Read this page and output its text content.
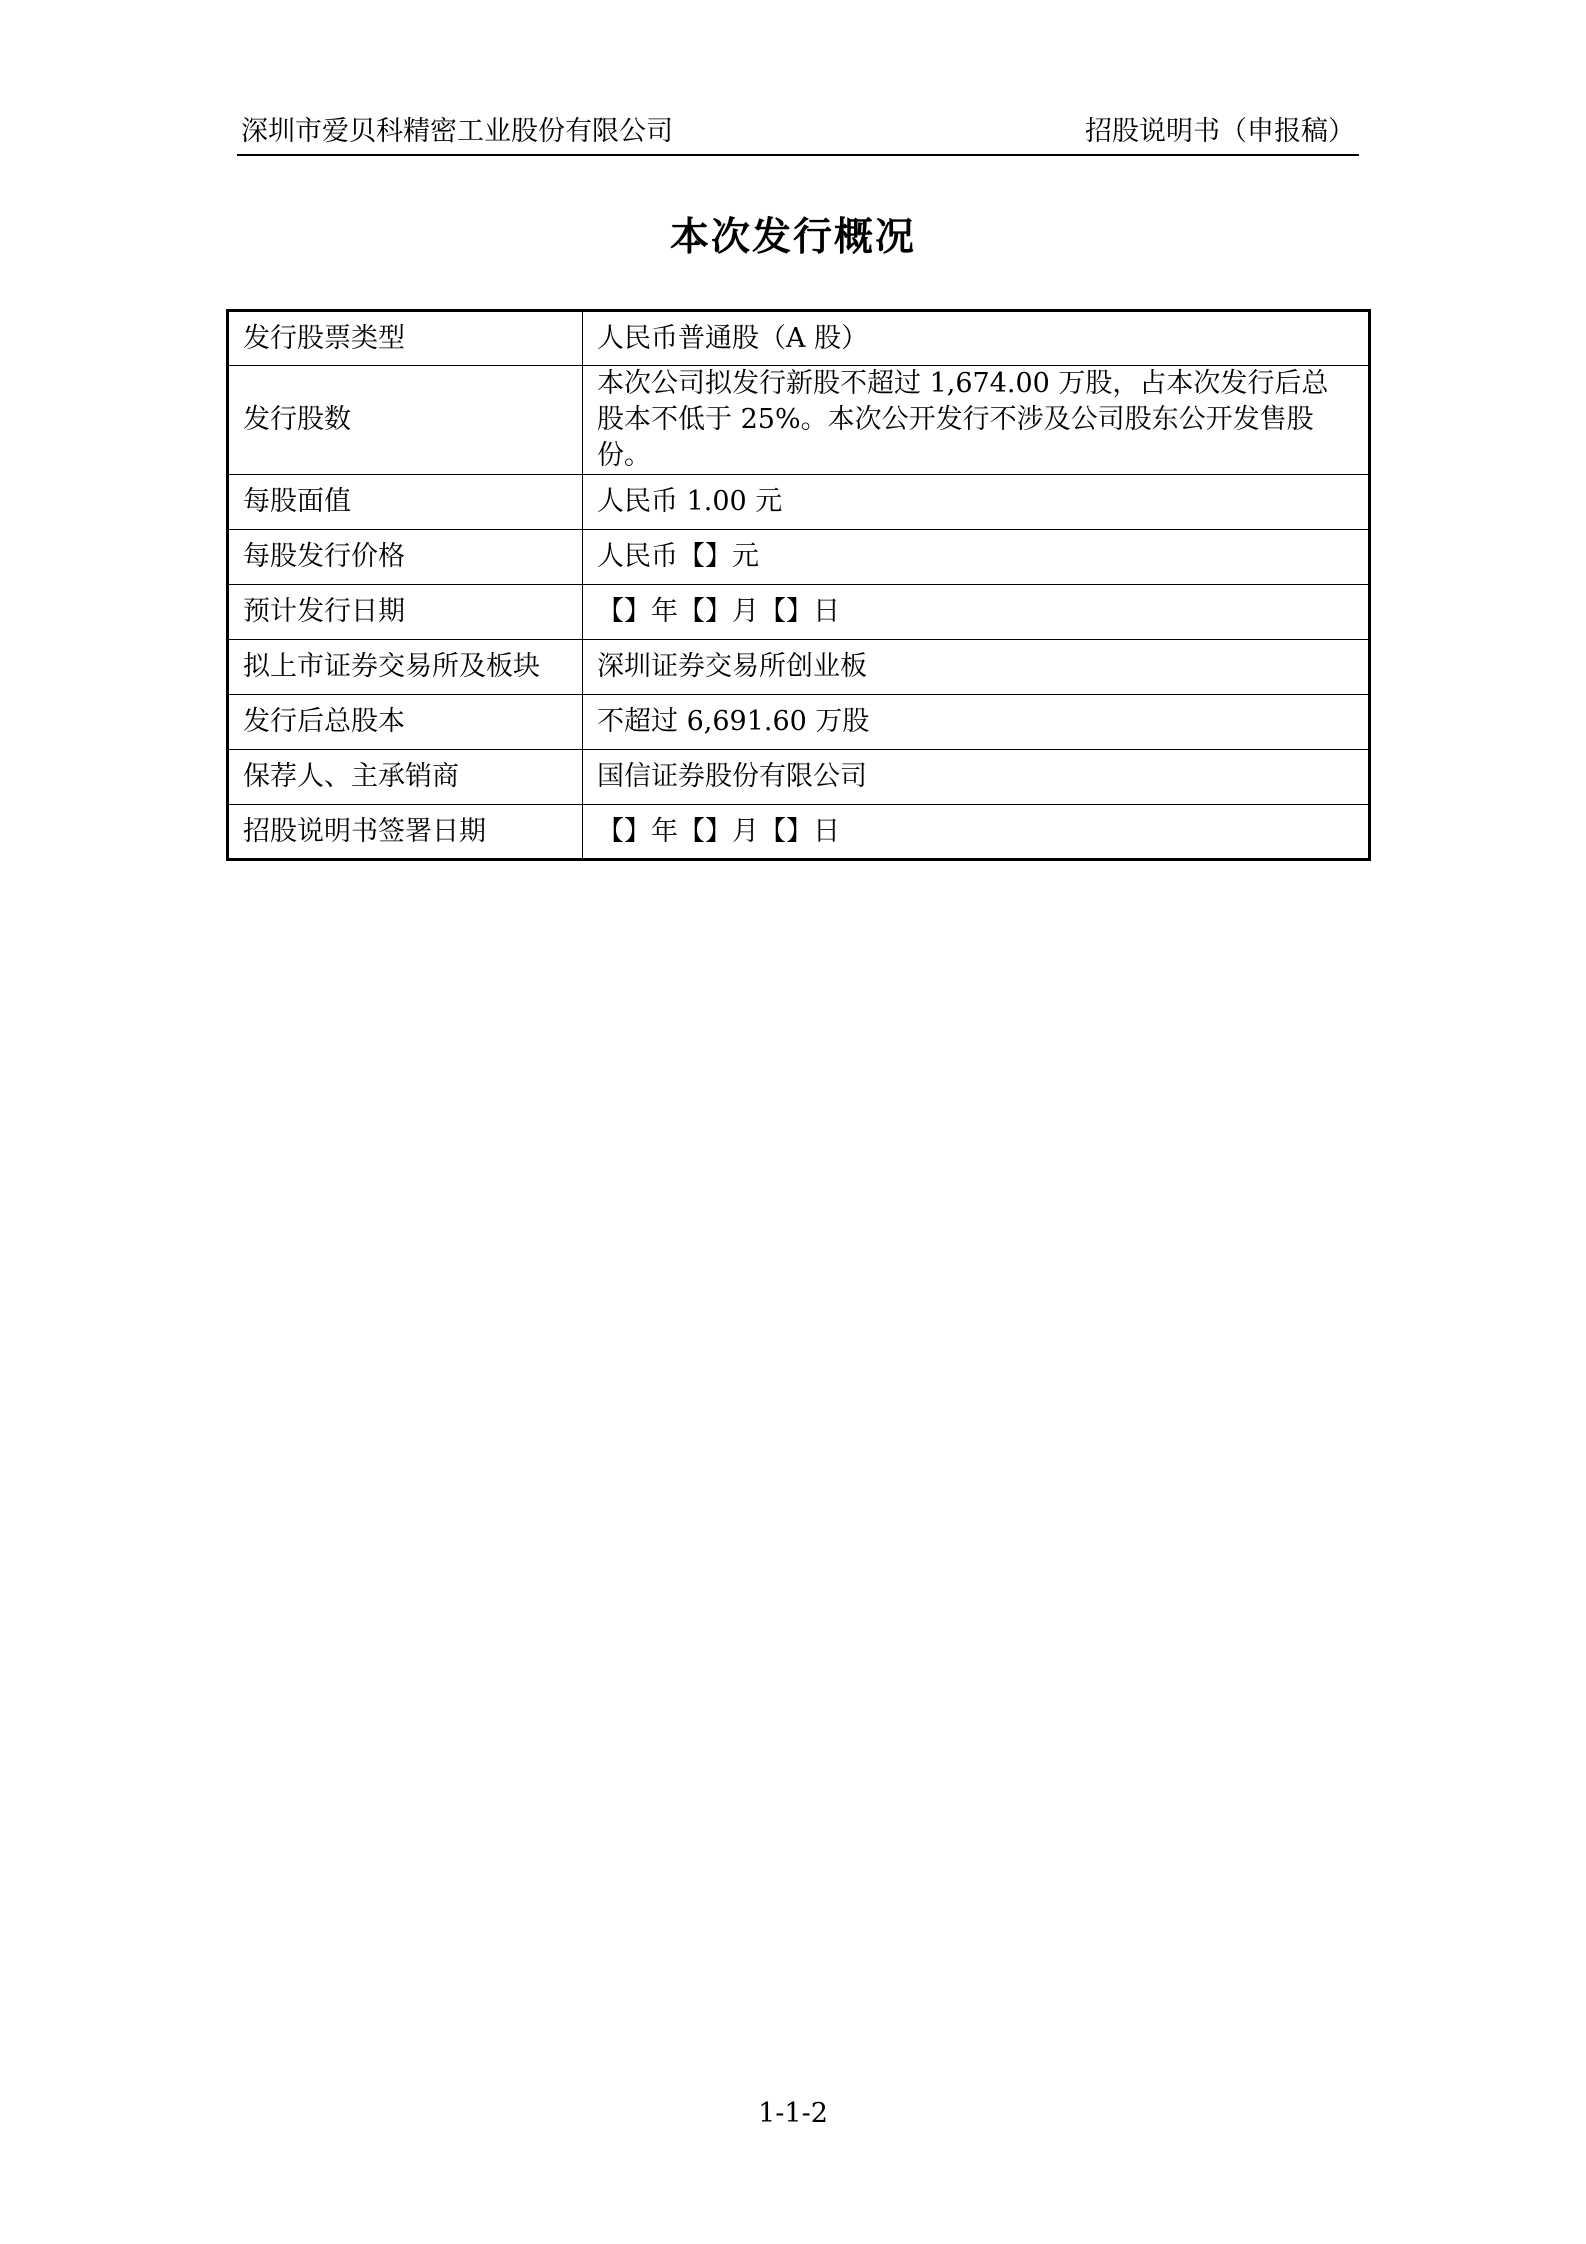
深圳市爱贝科精密工业股份有限公司	招股说明书（申报稿）
本次发行概况
发行股票类型	人民币普通股（A 股）
发行股数	本次公司拟发行新股不超过 1,674.00 万股，占本次发行后总股本不低于 25%。本次公开发行不涉及公司股东公开发售股份。
每股面值	人民币 1.00 元
每股发行价格	人民币【】元
预计发行日期	【】年【】月【】日
拟上市证券交易所及板块	深圳证券交易所创业板
发行后总股本	不超过 6,691.60 万股
保荐人、主承销商	国信证券股份有限公司
招股说明书签署日期	【】年【】月【】日
1-1-2
